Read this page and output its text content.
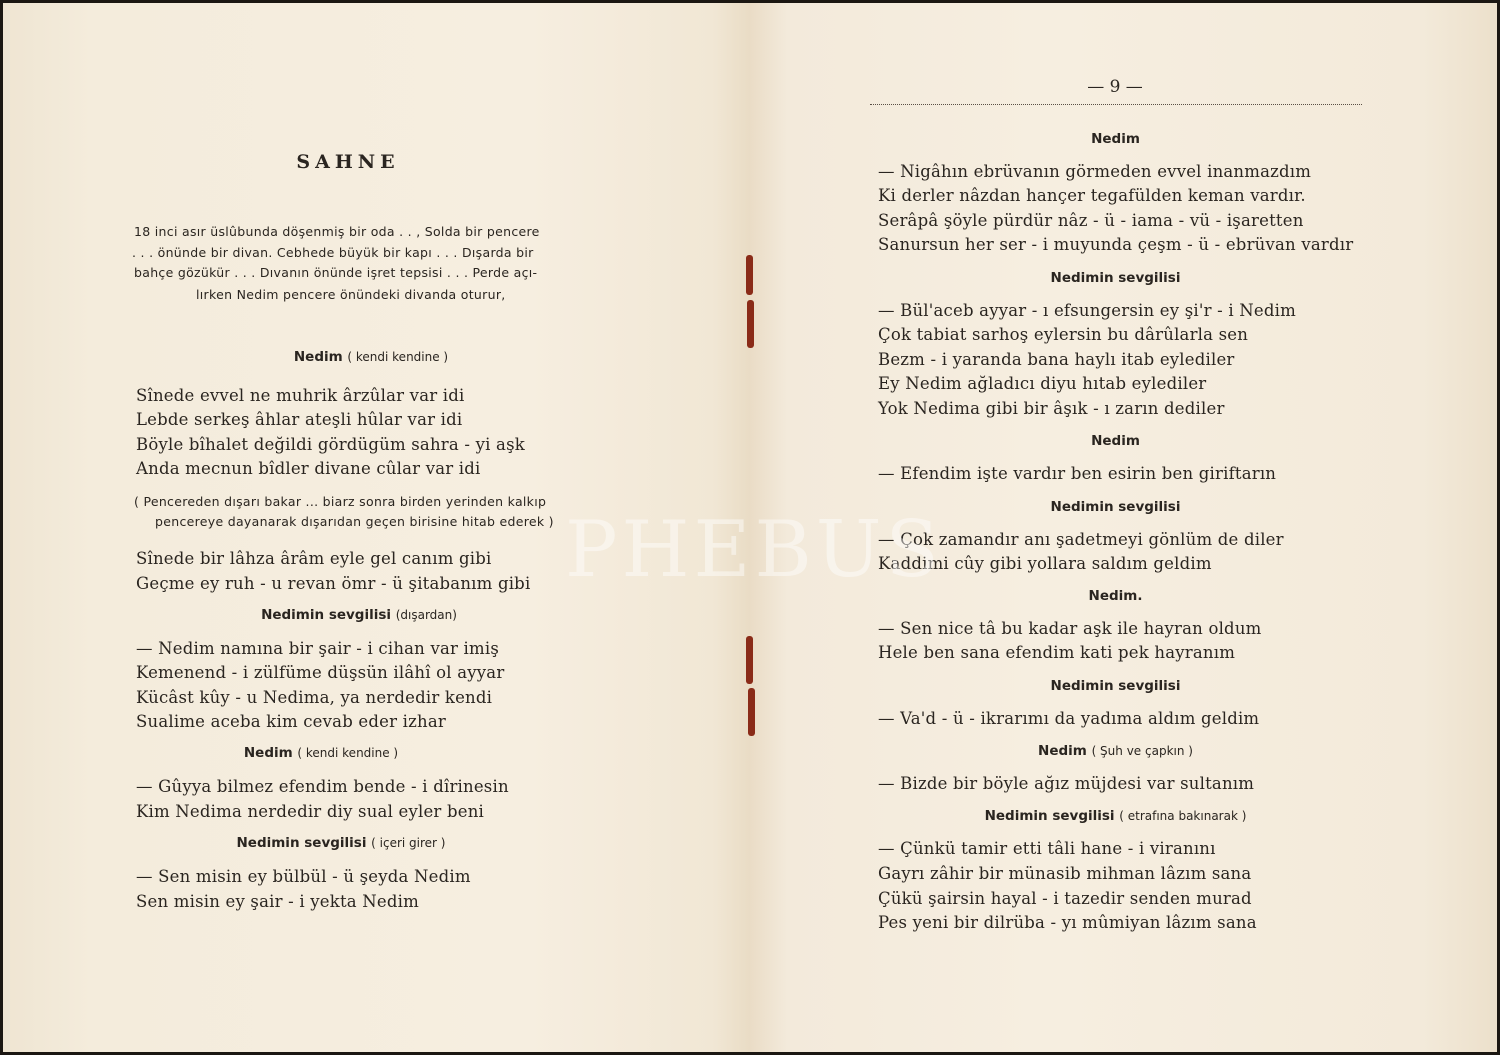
SAHNE
18 inci asır üslûbunda döşenmiş bir oda . . , Solda bir pencere
. . . önünde bir divan. Cebhede büyük bir kapı . . . Dışarda bir
bahçe gözükür . . . Dıvanın önünde işret tepsisi . . . Perde açı-
lırken Nedim pencere önündeki divanda oturur,
Nedim ( kendi kendine )
Sînede evvel ne muhrik ârzûlar var idi
Lebde serkeş âhlar ateşli hûlar var idi
Böyle bîhalet değildi gördügüm sahra - yi aşk
Anda mecnun bîdler divane cûlar var idi
( Pencereden dışarı bakar ... biarz sonra birden yerinden kalkıp
pencereye dayanarak dışarıdan geçen birisine hitab ederek )
Sînede bir lâhza ârâm eyle gel canım gibi
Geçme ey ruh - u revan ömr - ü şitabanım gibi
Nedimin sevgilisi (dışardan)
— Nedim namına bir şair - i cihan var imiş
Kemenend - i zülfüme düşsün ilâhî ol ayyar
Kücâst kûy - u Nedima, ya nerdedir kendi
Sualime aceba kim cevab eder izhar
Nedim ( kendi kendine )
— Gûyya bilmez efendim bende - i dîrinesin
Kim Nedima nerdedir diy sual eyler beni
Nedimin sevgilisi ( içeri girer )
— Sen misin ey bülbül - ü şeyda Nedim
Sen misin ey şair - i yekta Nedim
— 9 —
Nedim
— Nigâhın ebrüvanın görmeden evvel inanmazdım
Ki derler nâzdan hançer tegafülden keman vardır.
Serâpâ şöyle pürdür nâz - ü - iama - vü - işaretten
Sanursun her ser - i muyunda çeşm - ü - ebrüvan vardır
Nedimin sevgilisi
— Bül'aceb ayyar - ı efsungersin ey şi'r - i Nedim
Çok tabiat sarhoş eylersin bu dârûlarla sen
Bezm - i yaranda bana haylı itab eylediler
Ey Nedim ağladıcı diyu hıtab eylediler
Yok Nedima gibi bir âşık - ı zarın dediler
Nedim
— Efendim işte vardır ben esirin ben giriftarın
Nedimin sevgilisi
— Çok zamandır anı şadetmeyi gönlüm de diler
Kaddimi cûy gibi yollara saldım geldim
Nedim.
— Sen nice tâ bu kadar aşk ile hayran oldum
Hele ben sana efendim kati pek hayranım
Nedimin sevgilisi
— Va'd - ü - ikrarımı da yadıma aldım geldim
Nedim ( Şuh ve çapkın )
— Bizde bir böyle ağız müjdesi var sultanım
Nedimin sevgilisi ( etrafına bakınarak )
— Çünkü tamir etti tâli hane - i viranını
Gayrı zâhir bir münasib mihman lâzım sana
Çükü şairsin hayal - i tazedir senden murad
Pes yeni bir dilrüba - yı mûmiyan lâzım sana
PHEBUS
